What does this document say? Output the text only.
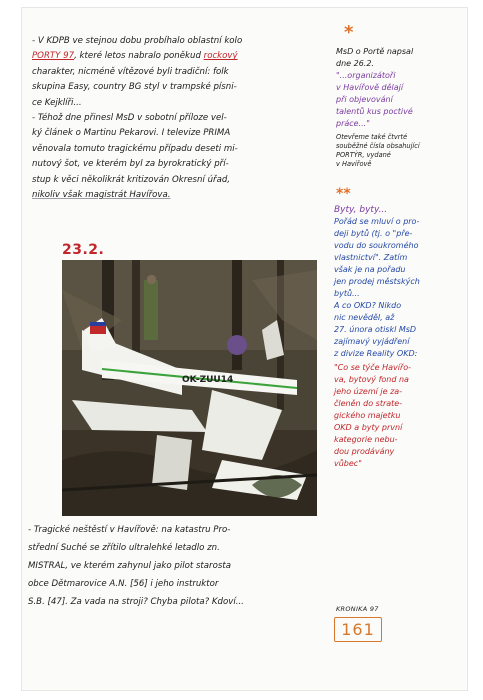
- V KDPB ve stejnou dobu probíhalo oblastní kolo

PORTY 97, které letos nabralo poněkud rockový

charakter, nicméně vítězové byli tradiční: folk

skupina Easy, country BG styl v trampské písni-

ce Kejklíři...

- Téhož dne přinesl MsD v sobotní příloze vel-

ký článek o Martinu Pekarovi. I televize PRIMA

věnovala tomuto tragickému případu deseti mi-

nutový šot, ve kterém byl za byrokratický pří-

stup k věci několikrát kritizován Okresní úřad,

nikoliv však magistrát Havířova.

23.2.
OK-ZUU14

- Tragické neštěstí v Havířově: na katastru Pro-

střední Suché se zřítilo ultralehké letadlo zn.

MISTRAL, ve kterém zahynul jako pilot starosta

obce Dětmarovice A.N. [56] i jeho instruktor

S.B. [47]. Za vada na stroji? Chyba pilota? Kdoví...

*
MsD o Portě napsal
dne 26.2.
"...organizátoři
v Havířově dělají
při objevování
talentů kus poctivé
práce..."
Otevřeme také čtvrté
souběžné čísla obsahující
PORTÝR, vydané
v Havířově
**
Byty, byty...
Pořád se mluví o pro-
deji bytů (tj. o "pře-
vodu do soukromého
vlastnictví". Zatím
však je na pořadu
jen prodej městských
bytů...
A co OKD? Nikdo
nic nevěděl, až
27. února otiskl MsD
zajímavý vyjádření
z divize Reality OKD:
"Co se týče Havířo-
va, bytový fond na
jeho území je za-
členěn do strate-
gického majetku
OKD a byty první
kategorie nebu-
dou prodávány
vůbec"
KRONIKA 97
161
